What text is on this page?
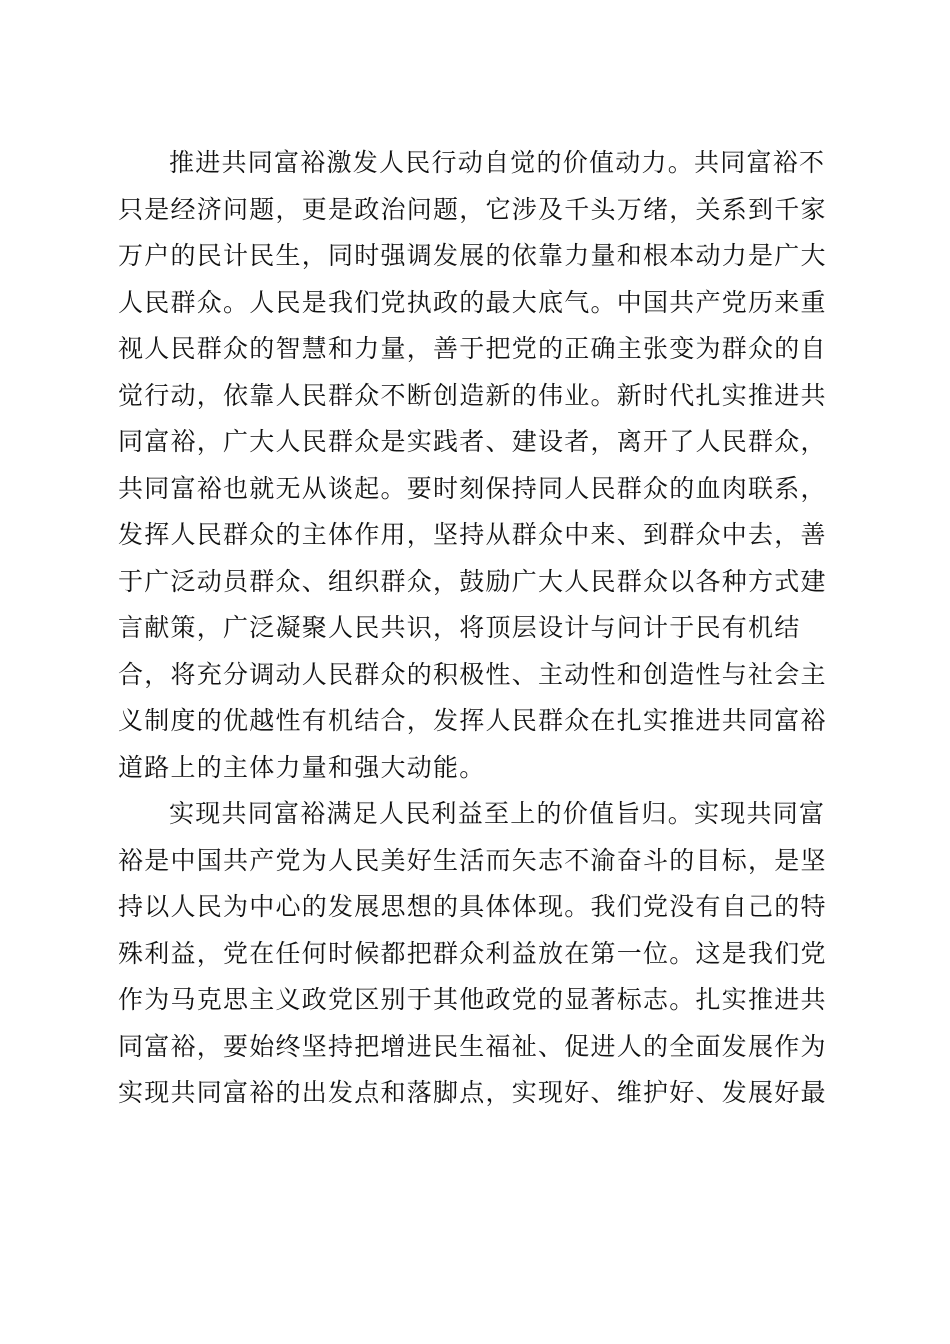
推进共同富裕激发人民行动自觉的价值动力。共同富裕不
只是经济问题，更是政治问题，它涉及千头万绪，关系到千家
万户的民计民生，同时强调发展的依靠力量和根本动力是广大
人民群众。人民是我们党执政的最大底气。中国共产党历来重
视人民群众的智慧和力量，善于把党的正确主张变为群众的自
觉行动，依靠人民群众不断创造新的伟业。新时代扎实推进共
同富裕，广大人民群众是实践者、建设者，离开了人民群众，
共同富裕也就无从谈起。要时刻保持同人民群众的血肉联系，
发挥人民群众的主体作用，坚持从群众中来、到群众中去，善
于广泛动员群众、组织群众，鼓励广大人民群众以各种方式建
言献策，广泛凝聚人民共识，将顶层设计与问计于民有机结
合，将充分调动人民群众的积极性、主动性和创造性与社会主
义制度的优越性有机结合，发挥人民群众在扎实推进共同富裕
道路上的主体力量和强大动能。
实现共同富裕满足人民利益至上的价值旨归。实现共同富
裕是中国共产党为人民美好生活而矢志不渝奋斗的目标，是坚
持以人民为中心的发展思想的具体体现。我们党没有自己的特
殊利益，党在任何时候都把群众利益放在第一位。这是我们党
作为马克思主义政党区别于其他政党的显著标志。扎实推进共
同富裕，要始终坚持把增进民生福祉、促进人的全面发展作为
实现共同富裕的出发点和落脚点，实现好、维护好、发展好最
